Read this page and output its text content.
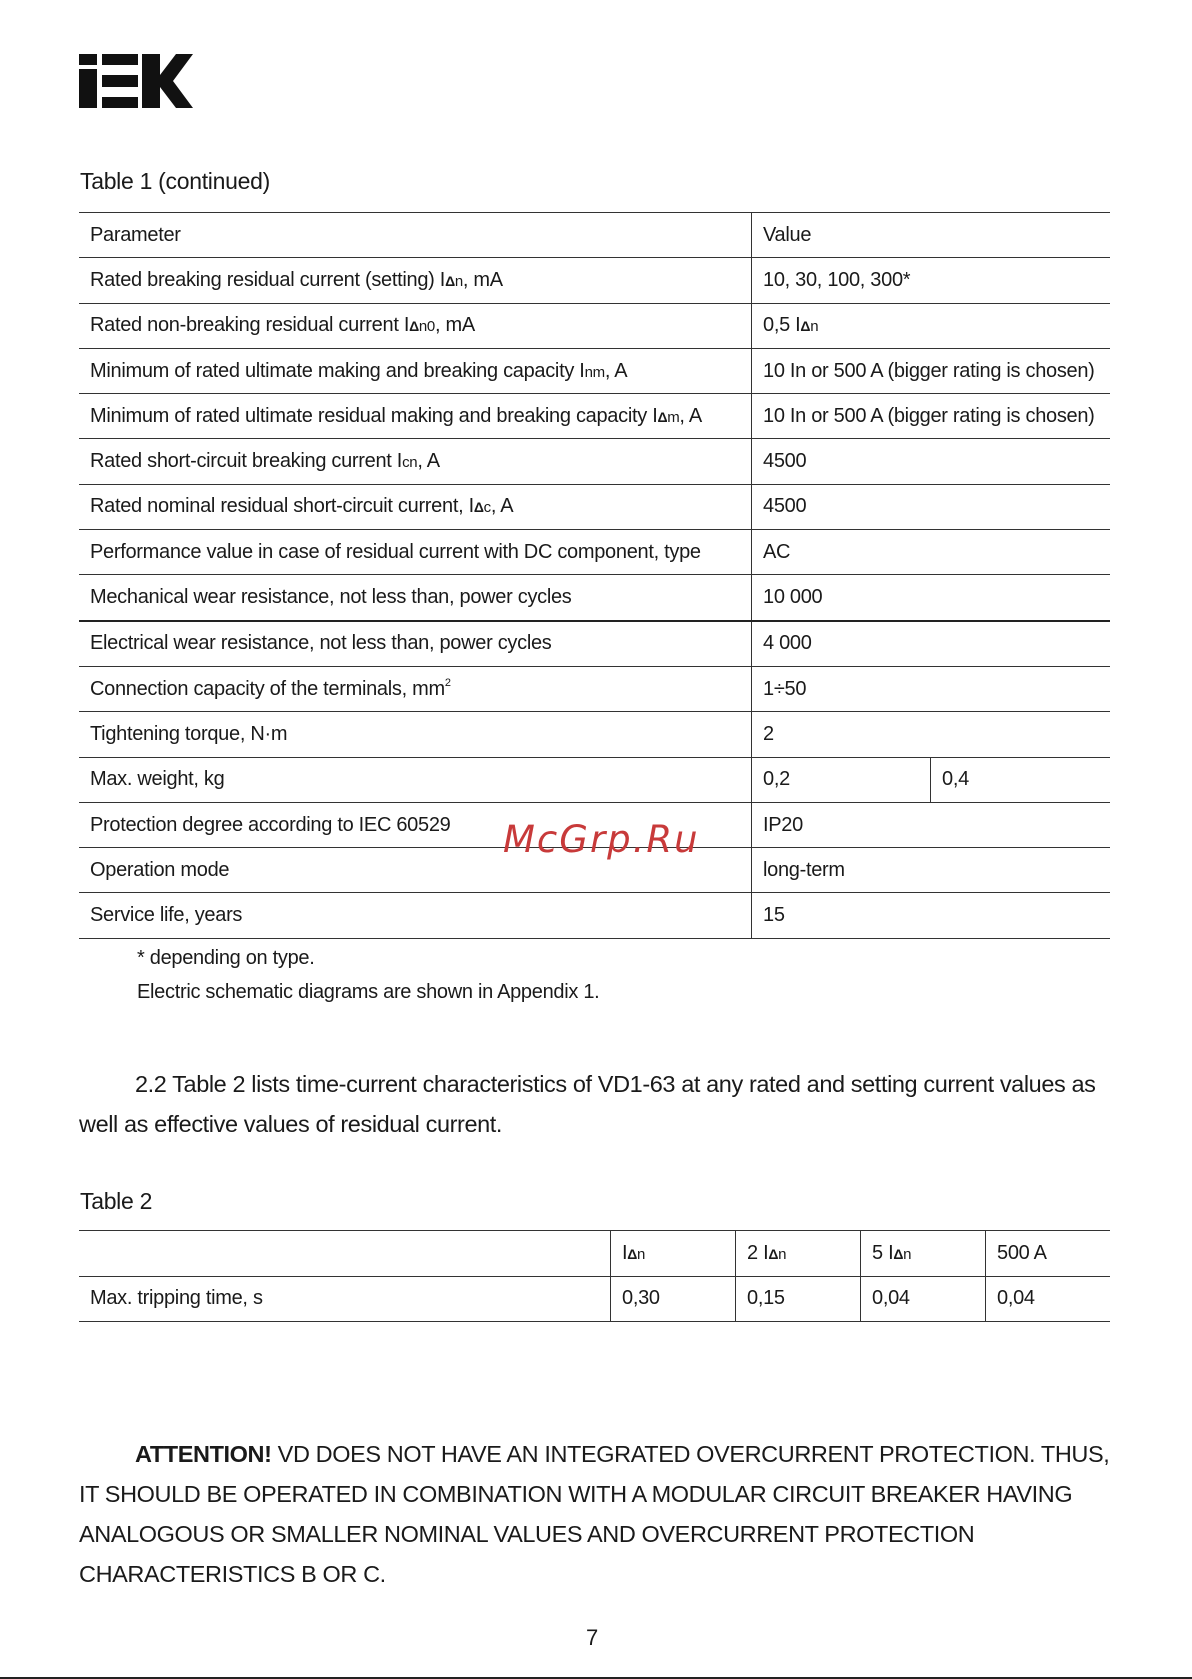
Table 1 (continued)
Parameter	Value	
Rated breaking residual current (setting) IΔn, mA	10, 30, 100, 300*	
Rated non-breaking residual current IΔn0, mA	0,5 IΔn	
Minimum of rated ultimate making and breaking capacity Inm, A	10 In or 500 A (bigger rating is chosen)	
Minimum of rated ultimate residual making and breaking capacity IΔm, A	10 In or 500 A (bigger rating is chosen)	
Rated short-circuit breaking current Icn, A	4500	
Rated nominal residual short-circuit current, IΔc, A	4500	
Performance value in case of residual current with DC component, type	AC	
Mechanical wear resistance, not less than, power cycles	10 000	
Electrical wear resistance, not less than, power cycles	4 000	
Connection capacity of the terminals, $mm^2$	1÷50	
Tightening torque, N·m	2	
Max. weight, kg	0,2	0,4
Protection degree according to IEC 60529	IP20	
Operation mode	long-term	
Service life, years	15	
McGrp.Ru
* depending on type.
Electric schematic diagrams are shown in Appendix 1.
2.2 Table 2 lists time-current characteristics of VD1-63 at any rated and setting current values as well as effective values of residual current.
Table 2
	IΔn	2 IΔn	5 IΔn	500 A
Max. tripping time, s	0,30	0,15	0,04	0,04
ATTENTION! VD DOES NOT HAVE AN INTEGRATED OVERCURRENT PROTECTION. THUS, IT SHOULD BE OPERATED IN COMBINATION WITH A MODULAR CIRCUIT BREAKER HAVING ANALOGOUS OR SMALLER NOMINAL VALUES AND OVERCURRENT PROTECTION CHARACTERISTICS B OR C.
7
